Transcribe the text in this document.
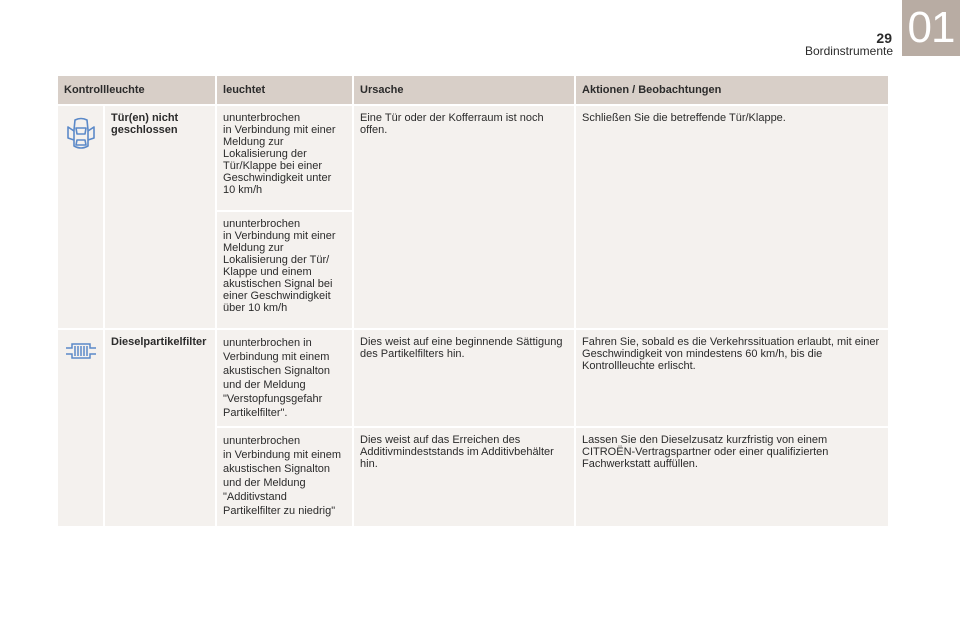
29
Bordinstrumente 01
Kontrollleuchte		leuchtet	Ursache	Aktionen / Beobachtungen
	Tür(en) nicht geschlossen	ununterbrochen
in Verbindung mit einer Meldung zur Lokalisierung der Tür/Klappe bei einer Geschwindigkeit unter 10 km/h	Eine Tür oder der Kofferraum ist noch offen.	Schließen Sie die betreffende Tür/Klappe.
		ununterbrochen
in Verbindung mit einer Meldung zur Lokalisierung der Tür/ Klappe und einem akustischen Signal bei einer Geschwindigkeit über 10 km/h		
	Dieselpartikelfilter	ununterbrochen in Verbindung mit einem akustischen Signalton und der Meldung "Verstopfungsgefahr Partikelfilter".	Dies weist auf eine beginnende Sättigung des Partikelfilters hin.	Fahren Sie, sobald es die Verkehrssituation erlaubt, mit einer Geschwindigkeit von mindestens 60 km/h, bis die Kontrollleuchte erlischt.
		ununterbrochen
in Verbindung mit einem akustischen Signalton und der Meldung "Additivstand Partikelfilter zu niedrig"	Dies weist auf das Erreichen des Additivmindeststands im Additivbehälter hin.	Lassen Sie den Dieselzusatz kurzfristig von einem CITROËN-Vertragspartner oder einer qualifizierten Fachwerkstatt auffüllen.
